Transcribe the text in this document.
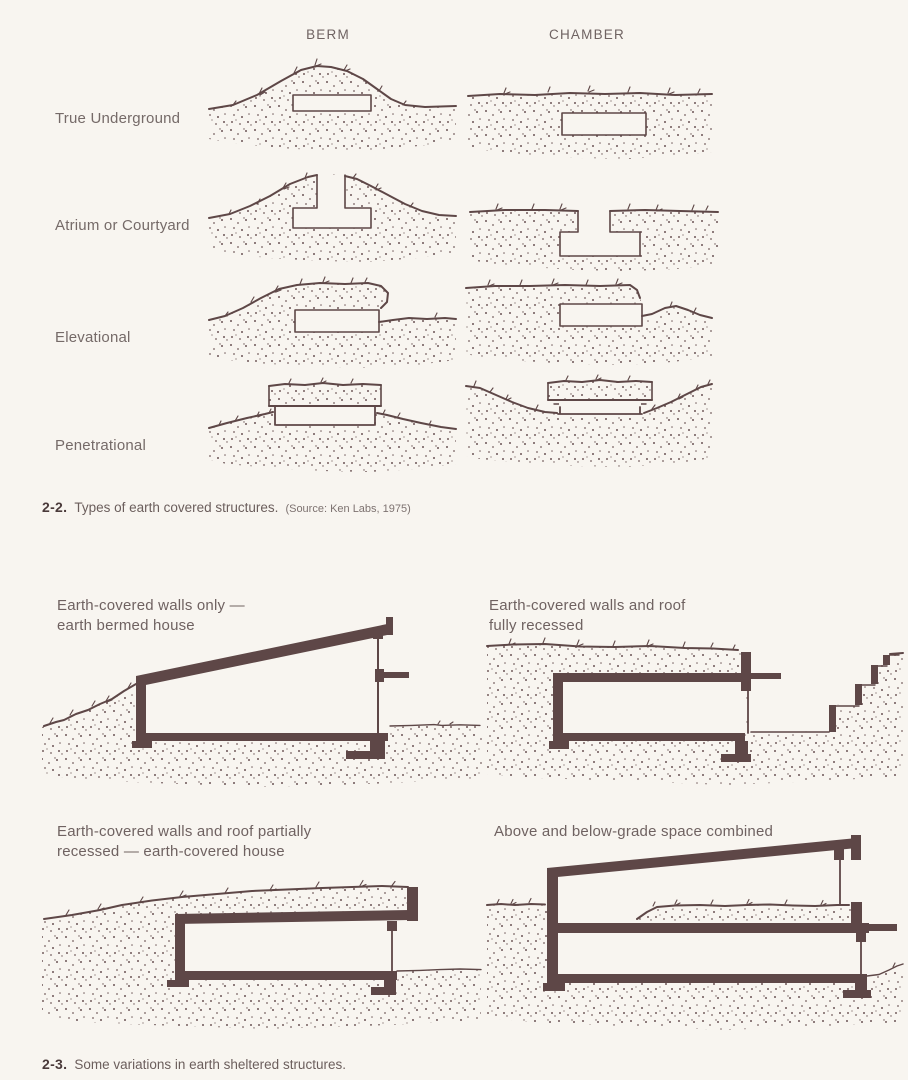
BERM	CHAMBER
True Underground
Atrium or Courtyard
Elevational
Penetrational
2-2. Types of earth covered structures. (Source: Ken Labs, 1975)
Earth-covered walls only —
earth bermed house
Earth-covered walls and roof
fully recessed
Earth-covered walls and roof partially
recessed — earth-covered house
Above and below-grade space combined
2-3. Some variations in earth sheltered structures.
